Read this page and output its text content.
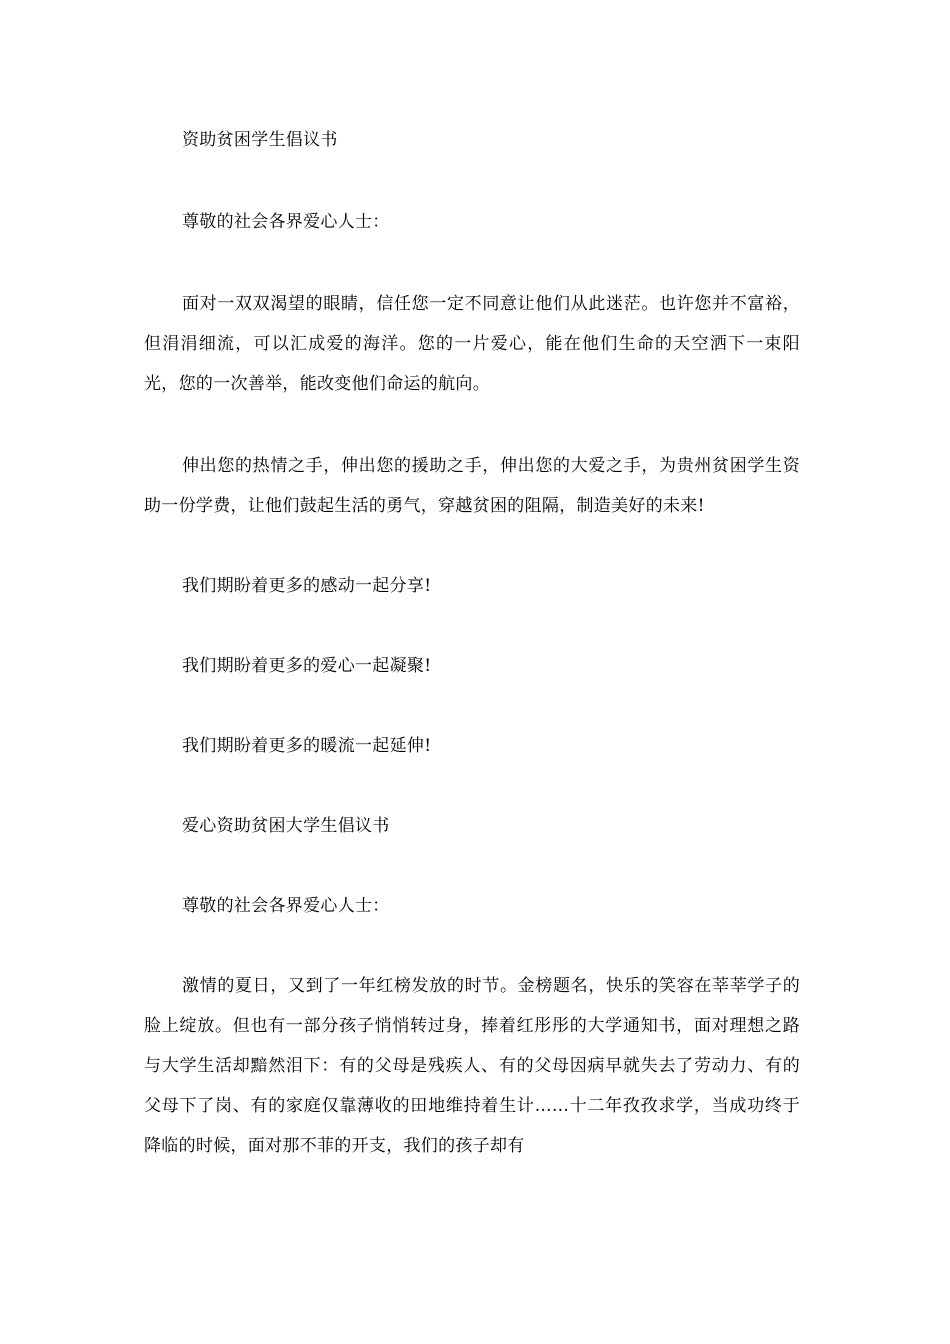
资助贫困学生倡议书

尊敬的社会各界爱心人士：

面对一双双渴望的眼睛，信任您一定不同意让他们从此迷茫。也许您并不富裕，但涓涓细流，可以汇成爱的海洋。您的一片爱心，能在他们生命的天空洒下一束阳光，您的一次善举，能改变他们命运的航向。

伸出您的热情之手，伸出您的援助之手，伸出您的大爱之手，为贵州贫困学生资助一份学费，让他们鼓起生活的勇气，穿越贫困的阻隔，制造美好的未来!

我们期盼着更多的感动一起分享!

我们期盼着更多的爱心一起凝聚!

我们期盼着更多的暖流一起延伸!

爱心资助贫困大学生倡议书

尊敬的社会各界爱心人士：

激情的夏日，又到了一年红榜发放的时节。金榜题名，快乐的笑容在莘莘学子的脸上绽放。但也有一部分孩子悄悄转过身，捧着红彤彤的大学通知书，面对理想之路与大学生活却黯然泪下：有的父母是残疾人、有的父母因病早就失去了劳动力、有的父母下了岗、有的家庭仅靠薄收的田地维持着生计……十二年孜孜求学，当成功终于降临的时候，面对那不菲的开支，我们的孩子却有
